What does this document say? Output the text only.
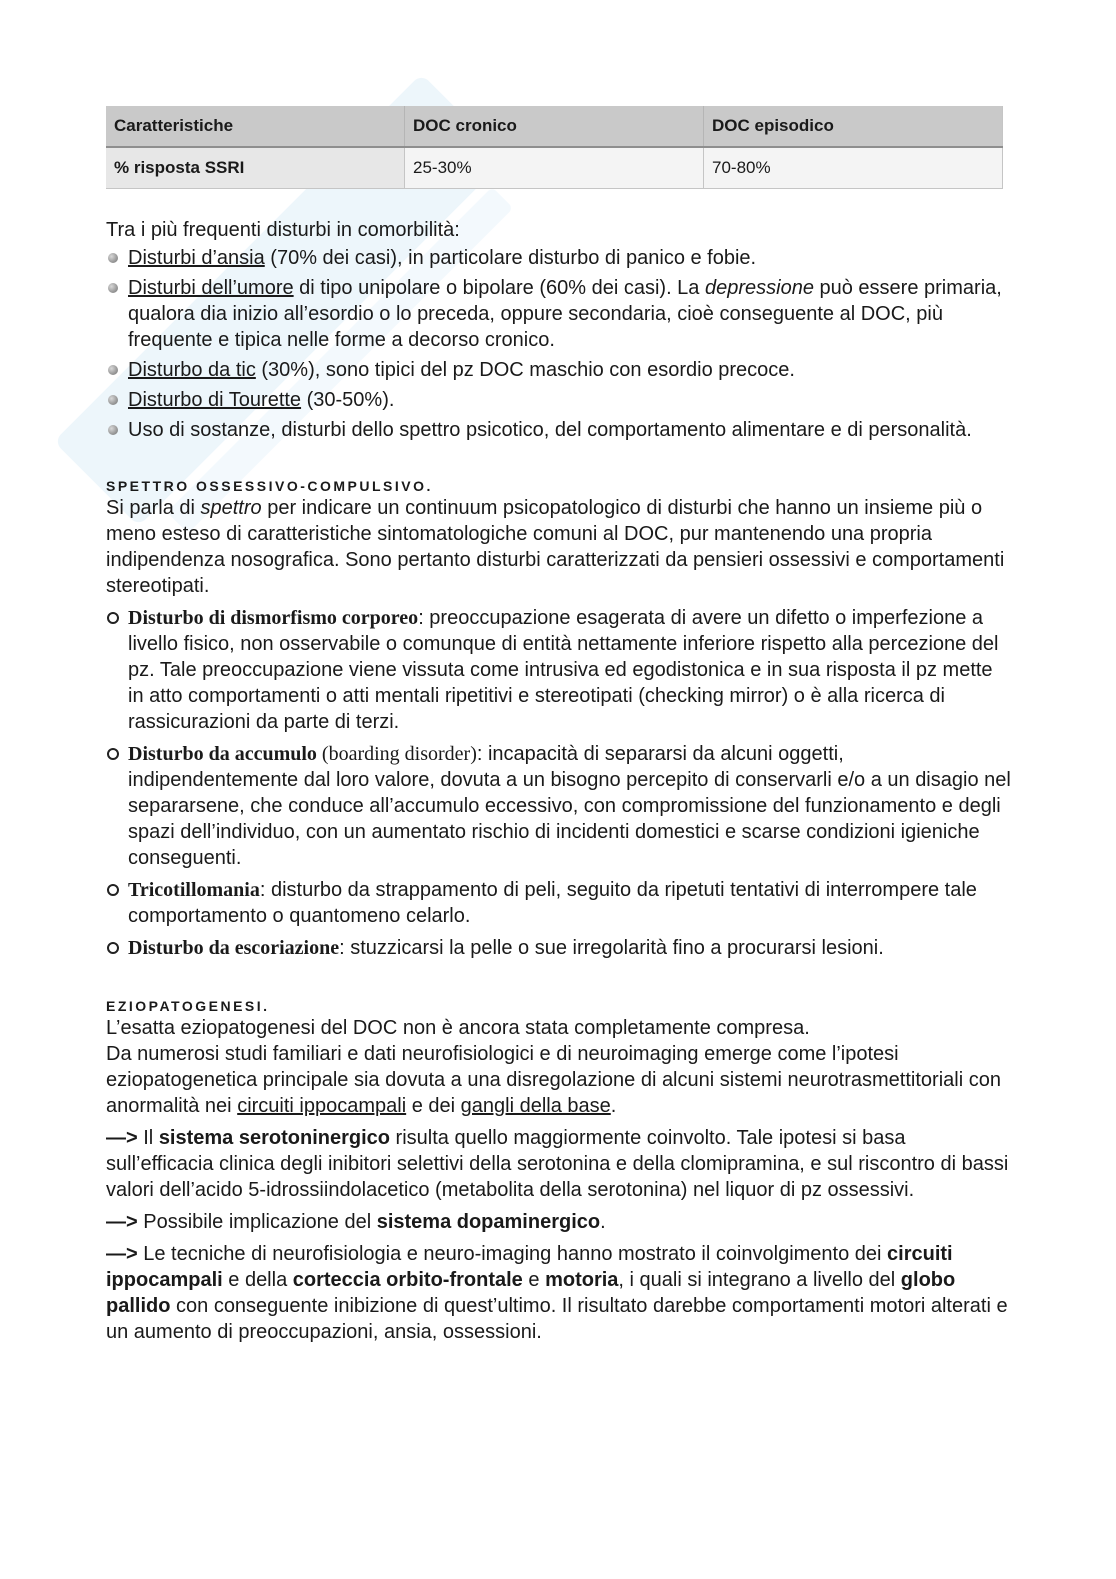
Caratteristiche	DOC cronico	DOC episodico
% risposta SSRI	25-30%	70-80%

Tra i più frequenti disturbi in comorbilità:

Disturbi d’ansia (70% dei casi), in particolare disturbo di panico e fobie.
Disturbi dell’umore di tipo unipolare o bipolare (60% dei casi). La depressione può essere primaria, qualora dia inizio all’esordio o lo preceda, oppure secondaria, cioè conseguente al DOC, più frequente e tipica nelle forme a decorso cronico.
Disturbo da tic (30%), sono tipici del pz DOC maschio con esordio precoce.
Disturbo di Tourette (30-50%).
Uso di sostanze, disturbi dello spettro psicotico, del comportamento alimentare e di personalità.

SPETTRO OSSESSIVO-COMPULSIVO.

Si parla di spettro per indicare un continuum psicopatologico di disturbi che hanno un insieme più o meno esteso di caratteristiche sintomatologiche comuni al DOC, pur mantenendo una propria indipendenza nosografica. Sono pertanto disturbi caratterizzati da pensieri ossessivi e comportamenti stereotipati.

Disturbo di dismorfismo corporeo: preoccupazione esagerata di avere un difetto o imperfezione a livello fisico, non osservabile o comunque di entità nettamente inferiore rispetto alla percezione del pz. Tale preoccupazione viene vissuta come intrusiva ed egodistonica e in sua risposta il pz mette in atto comportamenti o atti mentali ripetitivi e stereotipati (checking mirror) o è alla ricerca di rassicurazioni da parte di terzi.
Disturbo da accumulo (boarding disorder): incapacità di separarsi da alcuni oggetti, indipendentemente dal loro valore, dovuta a un bisogno percepito di conservarli e/o a un disagio nel separarsene, che conduce all’accumulo eccessivo, con compromissione del funzionamento e degli spazi dell’individuo, con un aumentato rischio di incidenti domestici e scarse condizioni igieniche conseguenti.
Tricotillomania: disturbo da strappamento di peli, seguito da ripetuti tentativi di interrompere tale comportamento o quantomeno celarlo.
Disturbo da escoriazione: stuzzicarsi la pelle o sue irregolarità fino a procurarsi lesioni.

EZIOPATOGENESI.

L’esatta eziopatogenesi del DOC non è ancora stata completamente compresa.

Da numerosi studi familiari e dati neurofisiologici e di neuroimaging emerge come l’ipotesi eziopatogenetica principale sia dovuta a una disregolazione di alcuni sistemi neurotrasmettitoriali con anormalità nei circuiti ippocampali e dei gangli della base.

—> Il sistema serotoninergico risulta quello maggiormente coinvolto. Tale ipotesi si basa sull’efficacia clinica degli inibitori selettivi della serotonina e della clomipramina, e sul riscontro di bassi valori dell’acido 5-idrossiindolacetico (metabolita della serotonina) nel liquor di pz ossessivi.

—> Possibile implicazione del sistema dopaminergico.

—> Le tecniche di neurofisiologia e neuro-imaging hanno mostrato il coinvolgimento dei circuiti ippocampali e della corteccia orbito-frontale e motoria, i quali si integrano a livello del globo pallido con conseguente inibizione di quest’ultimo. Il risultato darebbe comportamenti motori alterati e un aumento di preoccupazioni, ansia, ossessioni.
